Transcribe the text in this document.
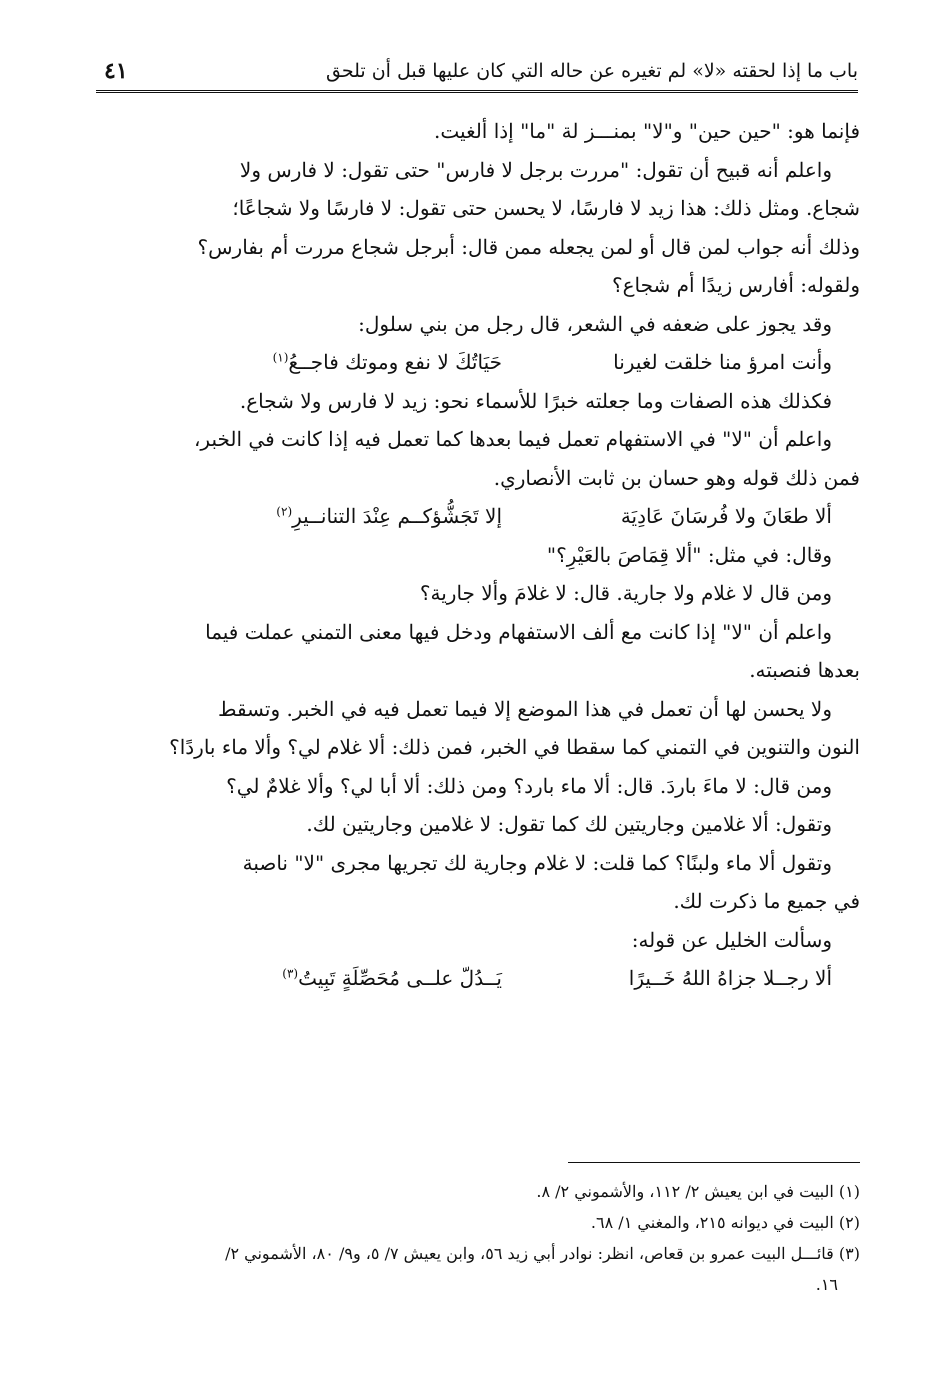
باب ما إذا لحقته «لا» لم تغيره عن حاله التي كان عليها قبل أن تلحق
٤١

فإنما هو: "حين حين" و"لا" بمنـــز لة "ما" إذا ألغيت.

واعلم أنه قبيح أن تقول: "مررت برجل لا فارس" حتى تقول: لا فارس ولا

شجاع. ومثل ذلك: هذا زيد لا فارسًا، لا يحسن حتى تقول: لا فارسًا ولا شجاعًا؛

وذلك أنه جواب لمن قال أو لمن يجعله ممن قال: أبرجل شجاع مررت أم بفارس؟

ولقوله: أفارس زيدًا أم شجاع؟

وقد يجوز على ضعفه في الشعر، قال رجل من بني سلول:

وأنت امرؤ منا خلقت لغيرنا
حَيَاتُكَ لا نفع وموتك فاجــعُ$^{(١)}$

فكذلك هذه الصفات وما جعلته خبرًا للأسماء نحو: زيد لا فارس ولا شجاع.

واعلم أن "لا" في الاستفهام تعمل فيما بعدها كما تعمل فيه إذا كانت في الخبر،

فمن ذلك قوله وهو حسان بن ثابت الأنصاري.

ألا طعَانَ ولا فُرسَانَ عَادِيَة
إلا تَجَشُّؤكــم عِنْدَ التنانــيرِ$^{(٢)}$

وقال: في مثل: "ألا قِمَاصَ بالعَيْرِ؟"

ومن قال لا غلام ولا جارية. قال: لا غلامَ وألا جارية؟

واعلم أن "لا" إذا كانت مع ألف الاستفهام ودخل فيها معنى التمني عملت فيما

بعدها فنصبته.

ولا يحسن لها أن تعمل في هذا الموضع إلا فيما تعمل فيه في الخبر. وتسقط

النون والتنوين في التمني كما سقطا في الخبر، فمن ذلك: ألا غلام لي؟ وألا ماء باردًا؟

ومن قال: لا ماءَ باردَ. قال: ألا ماء بارد؟ ومن ذلك: ألا أبا لي؟ وألا غلامٌ لي؟

وتقول: ألا غلامين وجاريتين لك كما تقول: لا غلامين وجاريتين لك.

وتقول ألا ماء ولبنًا؟ كما قلت: لا غلام وجارية لك تجريها مجرى "لا" ناصبة

في جميع ما ذكرت لك.

وسألت الخليل عن قوله:

ألا رجــلا جزاهُ اللهُ خَــيرًا
يَــدُلّ علــى مُحَصِّلَةٍ تَبِيتُ$^{(٣)}$

(١) البيت في ابن يعيش ٢/ ١١٢، والأشموني ٢/ ٨.

(٢) البيت في ديوانه ٢١٥، والمغني ١/ ٦٨.

(٣) قائـــل البيت عمرو بن قعاص، انظر: نوادر أبي زيد ٥٦، وابن يعيش ٧/ ٥، و٩/ ٨٠، الأشموني ٢/

١٦.
